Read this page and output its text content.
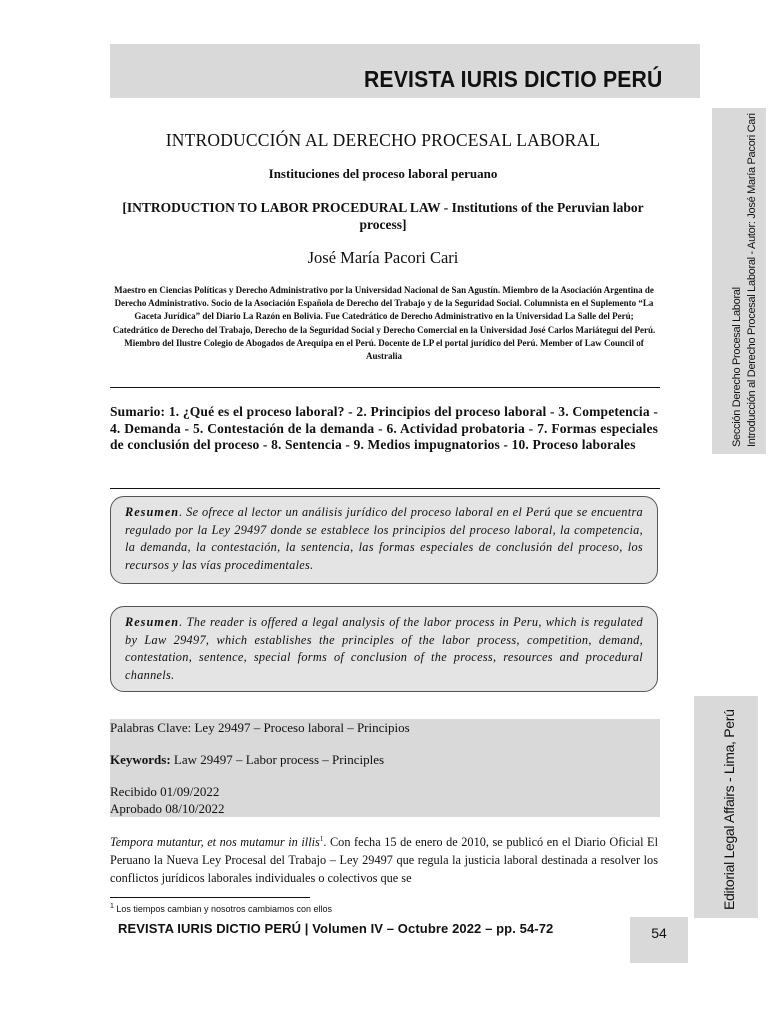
REVISTA IURIS DICTIO PERÚ
Sección Derecho Procesal Laboral Introducción al Derecho Procesal Laboral - Autor: José María Pacori Cari
Editorial Legal Affairs - Lima, Perú
INTRODUCCIÓN AL DERECHO PROCESAL LABORAL
Instituciones del proceso laboral peruano
[INTRODUCTION TO LABOR PROCEDURAL LAW - Institutions of the Peruvian labor process]
José María Pacori Cari
Maestro en Ciencias Políticas y Derecho Administrativo por la Universidad Nacional de San Agustín. Miembro de la Asociación Argentina de Derecho Administrativo. Socio de la Asociación Española de Derecho del Trabajo y de la Seguridad Social. Columnista en el Suplemento “La Gaceta Jurídica” del Diario La Razón en Bolivia. Fue Catedrático de Derecho Administrativo en la Universidad La Salle del Perú; Catedrático de Derecho del Trabajo, Derecho de la Seguridad Social y Derecho Comercial en la Universidad José Carlos Mariátegui del Perú. Miembro del Ilustre Colegio de Abogados de Arequipa en el Perú. Docente de LP el portal jurídico del Perú. Member of Law Council of Australia
Sumario: 1. ¿Qué es el proceso laboral? - 2. Principios del proceso laboral - 3. Competencia - 4. Demanda - 5. Contestación de la demanda - 6. Actividad probatoria - 7. Formas especiales de conclusión del proceso - 8. Sentencia - 9. Medios impugnatorios - 10. Proceso laborales
Resumen. Se ofrece al lector un análisis jurídico del proceso laboral en el Perú que se encuentra regulado por la Ley 29497 donde se establece los principios del proceso laboral, la competencia, la demanda, la contestación, la sentencia, las formas especiales de conclusión del proceso, los recursos y las vías procedimentales.
Resumen. The reader is offered a legal analysis of the labor process in Peru, which is regulated by Law 29497, which establishes the principles of the labor process, competition, demand, contestation, sentence, special forms of conclusion of the process, resources and procedural channels.
Palabras Clave: Ley 29497 – Proceso laboral – Principios
Keywords: Law 29497 – Labor process – Principles
Recibido 01/09/2022
Aprobado 08/10/2022
Tempora mutantur, et nos mutamur in illis$^1$. Con fecha 15 de enero de 2010, se publicó en el Diario Oficial El Peruano la Nueva Ley Procesal del Trabajo – Ley 29497 que regula la justicia laboral destinada a resolver los conflictos jurídicos laborales individuales o colectivos que se
$^1$ Los tiempos cambian y nosotros cambiamos con ellos
REVISTA IURIS DICTIO PERÚ | Volumen IV – Octubre 2022 – pp. 54-72	54
